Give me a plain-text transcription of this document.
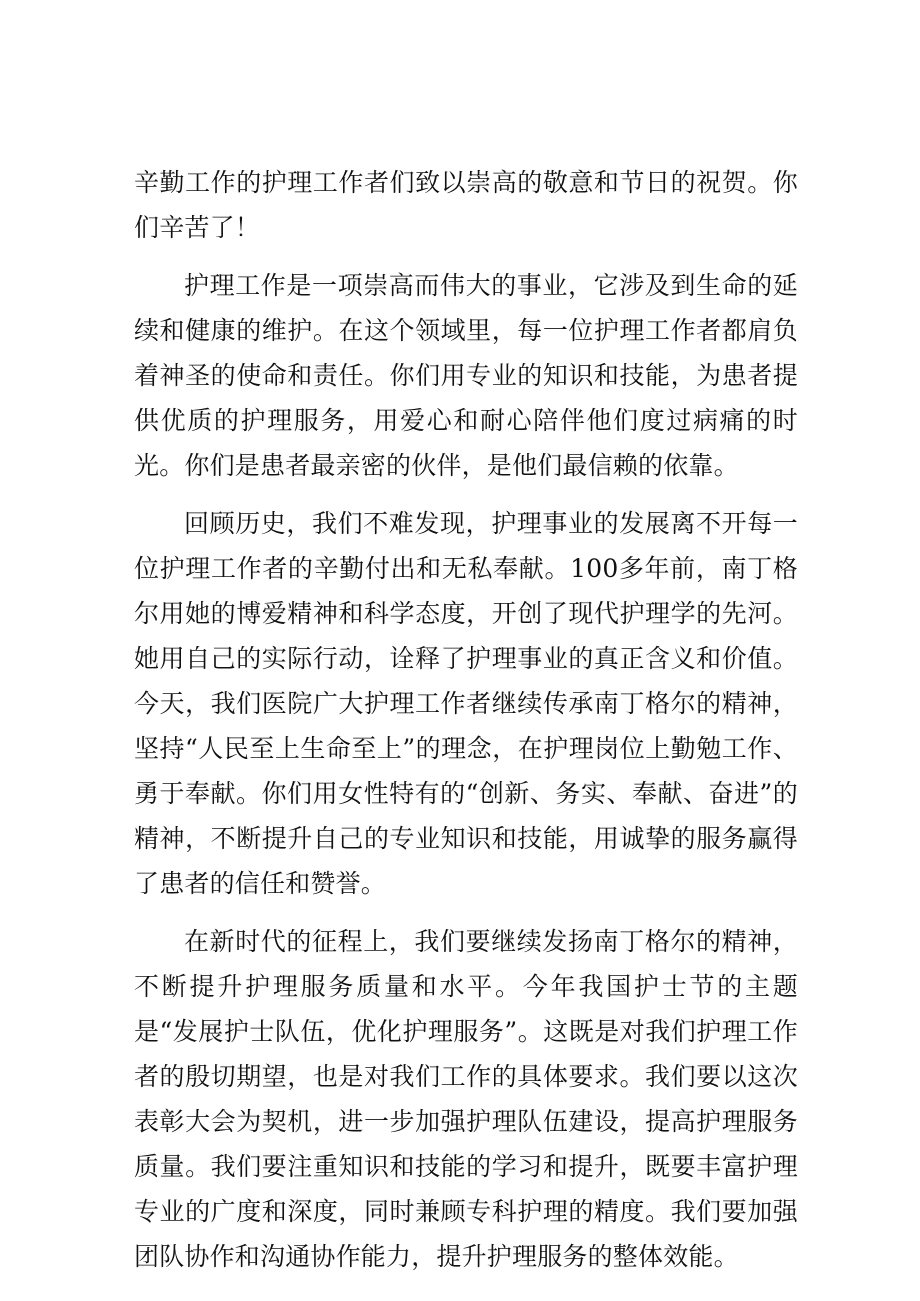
辛勤工作的护理工作者们致以崇高的敬意和节日的祝贺。你们辛苦了！

护理工作是一项崇高而伟大的事业，它涉及到生命的延续和健康的维护。在这个领域里，每一位护理工作者都肩负着神圣的使命和责任。你们用专业的知识和技能，为患者提供优质的护理服务，用爱心和耐心陪伴他们度过病痛的时光。你们是患者最亲密的伙伴，是他们最信赖的依靠。

回顾历史，我们不难发现，护理事业的发展离不开每一位护理工作者的辛勤付出和无私奉献。100多年前，南丁格尔用她的博爱精神和科学态度，开创了现代护理学的先河。她用自己的实际行动，诠释了护理事业的真正含义和价值。今天，我们医院广大护理工作者继续传承南丁格尔的精神，坚持“人民至上生命至上”的理念，在护理岗位上勤勉工作、勇于奉献。你们用女性特有的“创新、务实、奉献、奋进”的精神，不断提升自己的专业知识和技能，用诚挚的服务赢得了患者的信任和赞誉。

在新时代的征程上，我们要继续发扬南丁格尔的精神，不断提升护理服务质量和水平。今年我国护士节的主题是“发展护士队伍，优化护理服务”。这既是对我们护理工作者的殷切期望，也是对我们工作的具体要求。我们要以这次表彰大会为契机，进一步加强护理队伍建设，提高护理服务质量。我们要注重知识和技能的学习和提升，既要丰富护理专业的广度和深度，同时兼顾专科护理的精度。我们要加强团队协作和沟通协作能力，提升护理服务的整体效能。
